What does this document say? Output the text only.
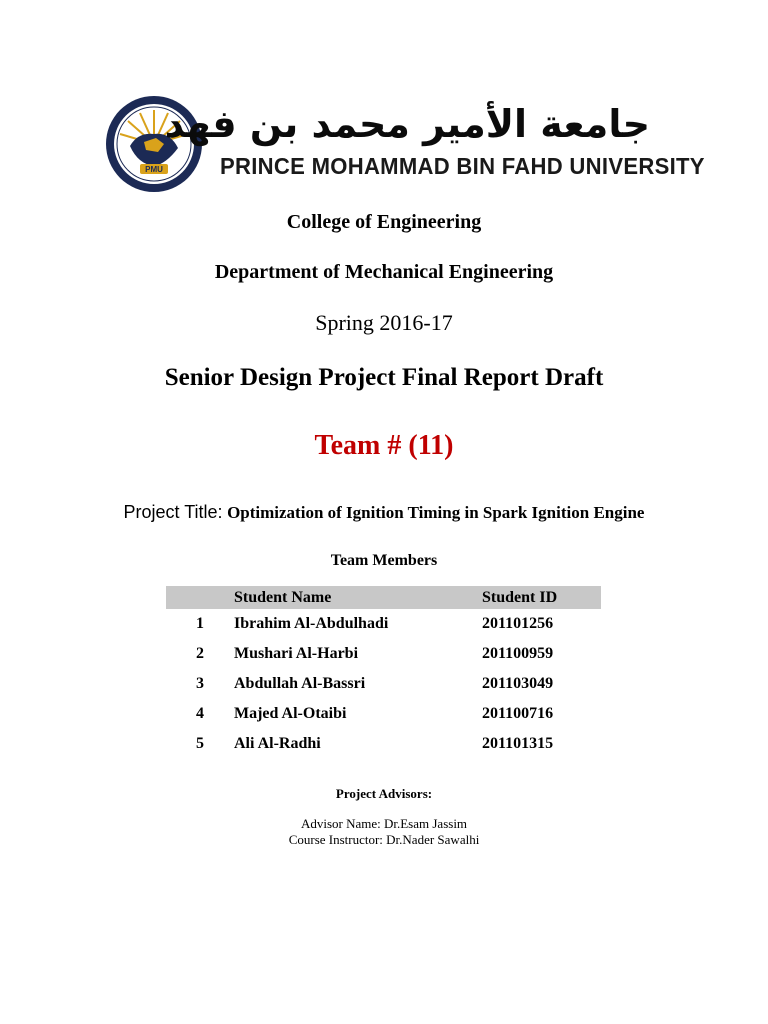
PMU
جامعة الأمير محمد بن فهد
PRINCE MOHAMMAD BIN FAHD UNIVERSITY
College of Engineering
Department of Mechanical Engineering
Spring 2016-17
Senior Design Project Final Report Draft
Team # (11)
Project Title: Optimization of Ignition Timing in Spark Ignition Engine
Team Members
	Student Name	Student ID
1	Ibrahim Al-Abdulhadi	201101256
2	Mushari Al-Harbi	201100959
3	Abdullah Al-Bassri	201103049
4	Majed Al-Otaibi	201100716
5	Ali Al-Radhi	201101315
Project Advisors:
Advisor Name: Dr.Esam Jassim
Course Instructor: Dr.Nader Sawalhi
